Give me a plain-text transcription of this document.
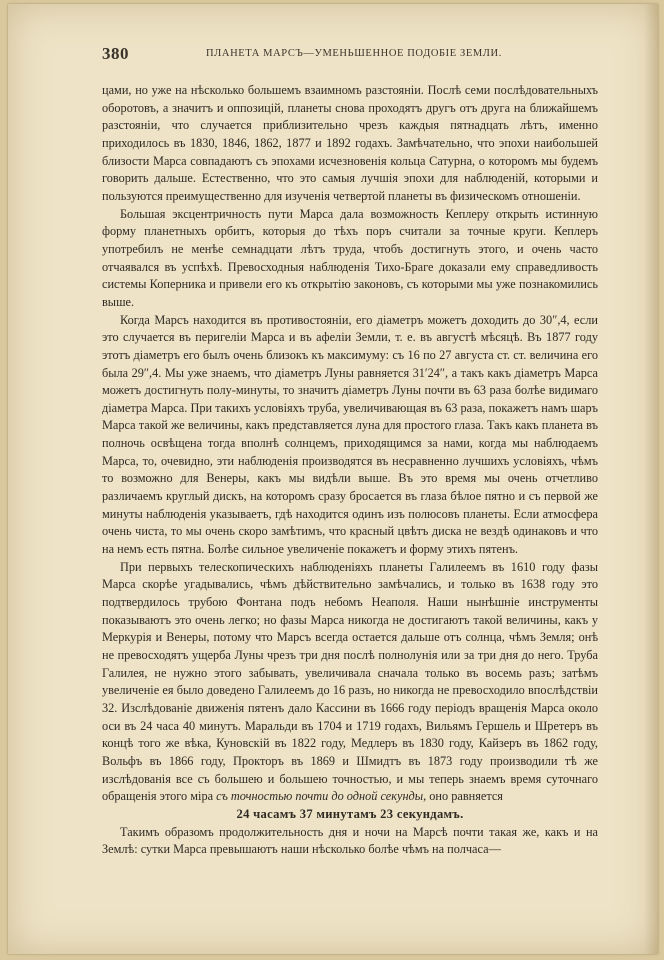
380	ПЛАНЕТА МАРСЪ—УМЕНЬШЕННОЕ ПОДОБІЕ ЗЕМЛИ.

цами, но уже на нѣсколько большемъ взаимномъ разстояніи. Послѣ семи послѣдовательныхъ оборотовъ, а значитъ и оппозицій, планеты снова проходятъ другъ отъ друга на ближайшемъ разстояніи, что случается приблизительно чрезъ каждыя пятнадцать лѣтъ, именно приходилось въ 1830, 1846, 1862, 1877 и 1892 годахъ. Замѣчательно, что эпохи наибольшей близости Марса совпадаютъ съ эпохами исчезновенія кольца Сатурна, о которомъ мы будемъ говорить дальше. Естественно, что это самыя лучшія эпохи для наблюденій, которыми и пользуются преимущественно для изученія четвертой планеты въ физическомъ отношеніи.

Большая эксцентричность пути Марса дала возможность Кеплеру открыть истинную форму планетныхъ орбитъ, которыя до тѣхъ поръ считали за точные круги. Кеплеръ употребилъ не менѣе семнадцати лѣтъ труда, чтобъ достигнуть этого, и очень часто отчаявался въ успѣхѣ. Превосходныя наблюденія Тихо-Браге доказали ему справедливость системы Коперника и привели его къ открытію законовъ, съ которыми мы уже познакомились выше.

Когда Марсъ находится въ противостояніи, его діаметръ можетъ доходить до 30″,4, если это случается въ перигеліи Марса и въ афеліи Земли, т. е. въ августѣ мѣсяцѣ. Въ 1877 году этотъ діаметръ его былъ очень близокъ къ максимуму: съ 16 по 27 августа ст. ст. величина его была 29″,4. Мы уже знаемъ, что діаметръ Луны равняется 31′24″, а такъ какъ діаметръ Марса можетъ достигнуть полу-минуты, то значитъ діаметръ Луны почти въ 63 раза болѣе видимаго діаметра Марса. При такихъ условіяхъ труба, увеличивающая въ 63 раза, покажетъ намъ шаръ Марса такой же величины, какъ представляется луна для простого глаза. Такъ какъ планета въ полночь освѣщена тогда вполнѣ солнцемъ, приходящимся за нами, когда мы наблюдаемъ Марса, то, очевидно, эти наблюденія производятся въ несравненно лучшихъ условіяхъ, чѣмъ то возможно для Венеры, какъ мы видѣли выше. Въ это время мы очень отчетливо различаемъ круглый дискъ, на которомъ сразу бросается въ глаза бѣлое пятно и съ первой же минуты наблюденія указываетъ, гдѣ находится одинъ изъ полюсовъ планеты. Если атмосфера очень чиста, то мы очень скоро замѣтимъ, что красный цвѣтъ диска не вездѣ одинаковъ и что на немъ есть пятна. Болѣе сильное увеличеніе покажетъ и форму этихъ пятенъ.

При первыхъ телескопическихъ наблюденіяхъ планеты Галилеемъ въ 1610 году фазы Марса скорѣе угадывались, чѣмъ дѣйствительно замѣчались, и только въ 1638 году это подтвердилось трубою Фонтана подъ небомъ Неаполя. Наши нынѣшніе инструменты показываютъ это очень легко; но фазы Марса никогда не достигаютъ такой величины, какъ у Меркурія и Венеры, потому что Марсъ всегда остается дальше отъ солнца, чѣмъ Земля; онѣ не превосходятъ ущерба Луны чрезъ три дня послѣ полнолунія или за три дня до него. Труба Галилея, не нужно этого забывать, увеличивала сначала только въ восемь разъ; затѣмъ увеличеніе ея было доведено Галилеемъ до 16 разъ, но никогда не превосходило впослѣдствіи 32. Изслѣдованіе движенія пятенъ дало Кассини въ 1666 году періодъ вращенія Марса около оси въ 24 часа 40 минутъ. Маральди въ 1704 и 1719 годахъ, Вильямъ Гершель и Шретеръ въ концѣ того же вѣка, Куновскій въ 1822 году, Медлеръ въ 1830 году, Кайзеръ въ 1862 году, Вольфъ въ 1866 году, Прокторъ въ 1869 и Шмидтъ въ 1873 году производили тѣ же изслѣдованія все съ большею и большею точностью, и мы теперь знаемъ время суточнаго обращенія этого міра съ точностью почти до одной секунды, оно равняется

24 часамъ 37 минутамъ 23 секундамъ.

Такимъ образомъ продолжительность дня и ночи на Марсѣ почти такая же, какъ и на Землѣ: сутки Марса превышаютъ наши нѣсколько болѣе чѣмъ на полчаса—
